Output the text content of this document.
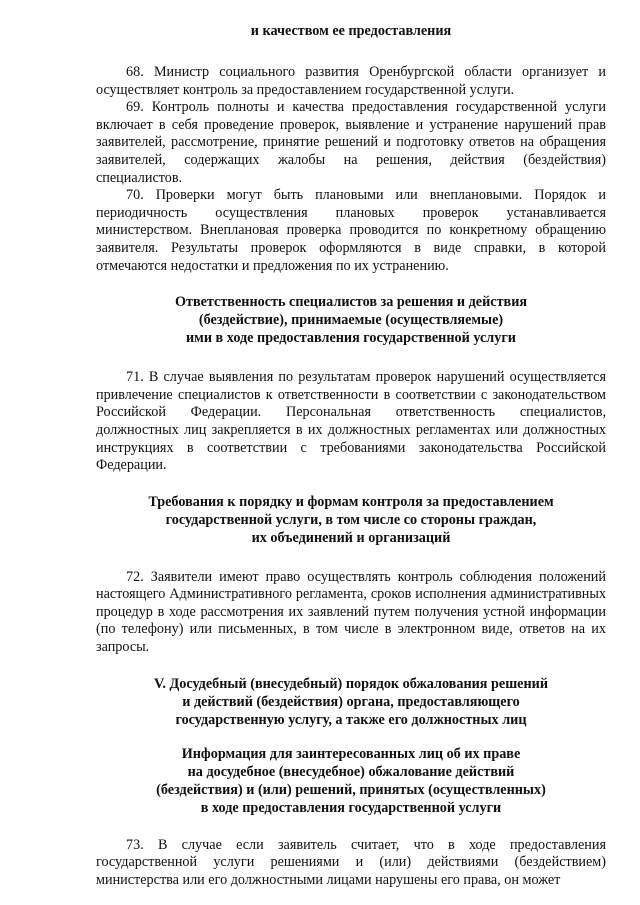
и качеством ее предоставления

68. Министр социального развития Оренбургской области организует и осуществляет контроль за предоставлением государственной услуги.

69. Контроль полноты и качества предоставления государственной услуги включает в себя проведение проверок, выявление и устранение нарушений прав заявителей, рассмотрение, принятие решений и подготовку ответов на обращения заявителей, содержащих жалобы на решения, действия (бездействия) специалистов.

70. Проверки могут быть плановыми или внеплановыми. Порядок и периодичность осуществления плановых проверок устанавливается министерством. Внеплановая проверка проводится по конкретному обращению заявителя. Результаты проверок оформляются в виде справки, в которой отмечаются недостатки и предложения по их устранению.

Ответственность специалистов за решения и действия
(бездействие), принимаемые (осуществляемые)
ими в ходе предоставления государственной услуги

71. В случае выявления по результатам проверок нарушений осуществляется привлечение специалистов к ответственности в соответствии с законодательством Российской Федерации. Персональная ответственность специалистов, должностных лиц закрепляется в их должностных регламентах или должностных инструкциях в соответствии с требованиями законодательства Российской Федерации.

Требования к порядку и формам контроля за предоставлением
государственной услуги, в том числе со стороны граждан,
их объединений и организаций

72. Заявители имеют право осуществлять контроль соблюдения положений настоящего Административного регламента, сроков исполнения административных процедур в ходе рассмотрения их заявлений путем получения устной информации (по телефону) или письменных, в том числе в электронном виде, ответов на их запросы.

V. Досудебный (внесудебный) порядок обжалования решений
и действий (бездействия) органа, предоставляющего
государственную услугу, а также его должностных лиц
Информация для заинтересованных лиц об их праве
на досудебное (внесудебное) обжалование действий
(бездействия) и (или) решений, принятых (осуществленных)
в ходе предоставления государственной услуги

73. В случае если заявитель считает, что в ходе предоставления государственной услуги решениями и (или) действиями (бездействием) министерства или его должностными лицами нарушены его права, он может
